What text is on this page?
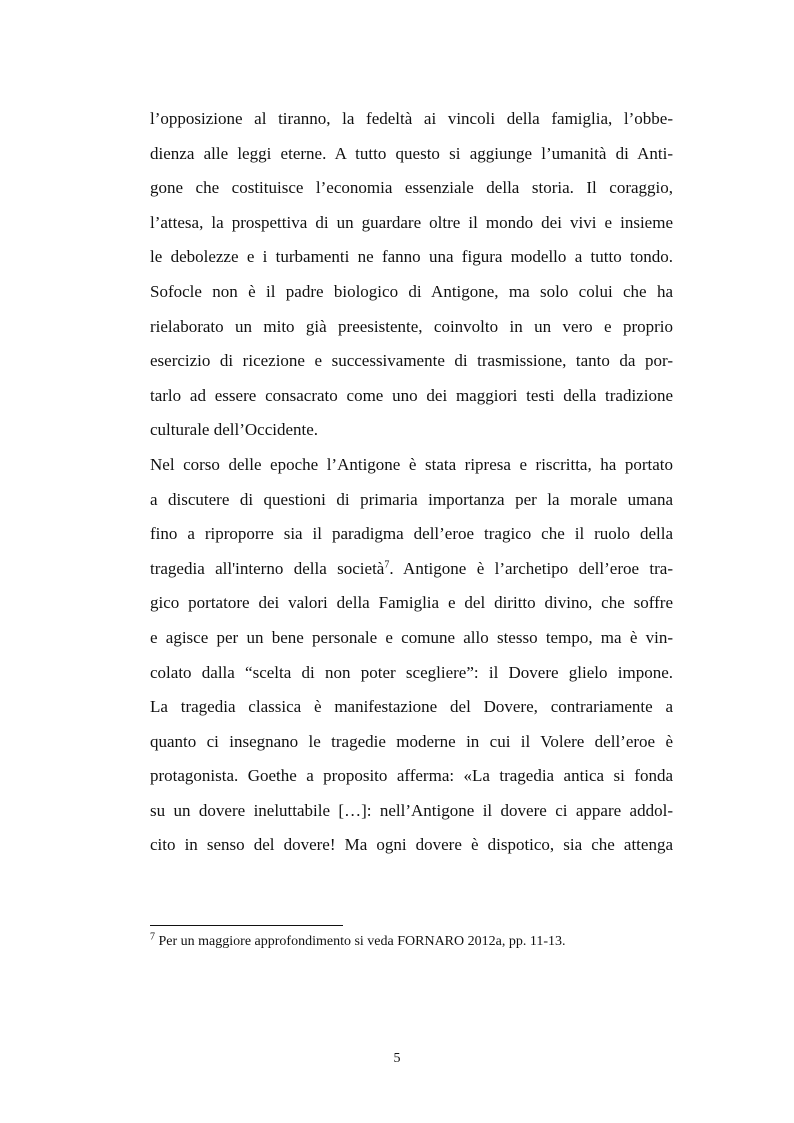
l’opposizione al tiranno, la fedeltà ai vincoli della famiglia, l’obbe-
dienza alle leggi eterne. A tutto questo si aggiunge l’umanità di Anti-
gone che costituisce l’economia essenziale della storia. Il coraggio,
l’attesa, la prospettiva di un guardare oltre il mondo dei vivi e insieme
le debolezze e i turbamenti ne fanno una figura modello a tutto tondo.
Sofocle non è il padre biologico di Antigone, ma solo colui che ha
rielaborato un mito già preesistente, coinvolto in un vero e proprio
esercizio di ricezione e successivamente di trasmissione, tanto da por-
tarlo ad essere consacrato come uno dei maggiori testi della tradizione
culturale dell’Occidente.
Nel corso delle epoche l’Antigone è stata ripresa e riscritta, ha portato
a discutere di questioni di primaria importanza per la morale umana
fino a riproporre sia il paradigma dell’eroe tragico che il ruolo della
tragedia all'interno della società$^7$. Antigone è l’archetipo dell’eroe tra-
gico portatore dei valori della Famiglia e del diritto divino, che soffre
e agisce per un bene personale e comune allo stesso tempo, ma è vin-
colato dalla “scelta di non poter scegliere”: il Dovere glielo impone.
La tragedia classica è manifestazione del Dovere, contrariamente a
quanto ci insegnano le tragedie moderne in cui il Volere dell’eroe è
protagonista. Goethe a proposito afferma: «La tragedia antica si fonda
su un dovere ineluttabile […]: nell’Antigone il dovere ci appare addol-
cito in senso del dovere! Ma ogni dovere è dispotico, sia che attenga
$^7$ Per un maggiore approfondimento si veda FORNARO 2012a, pp. 11-13.
5
